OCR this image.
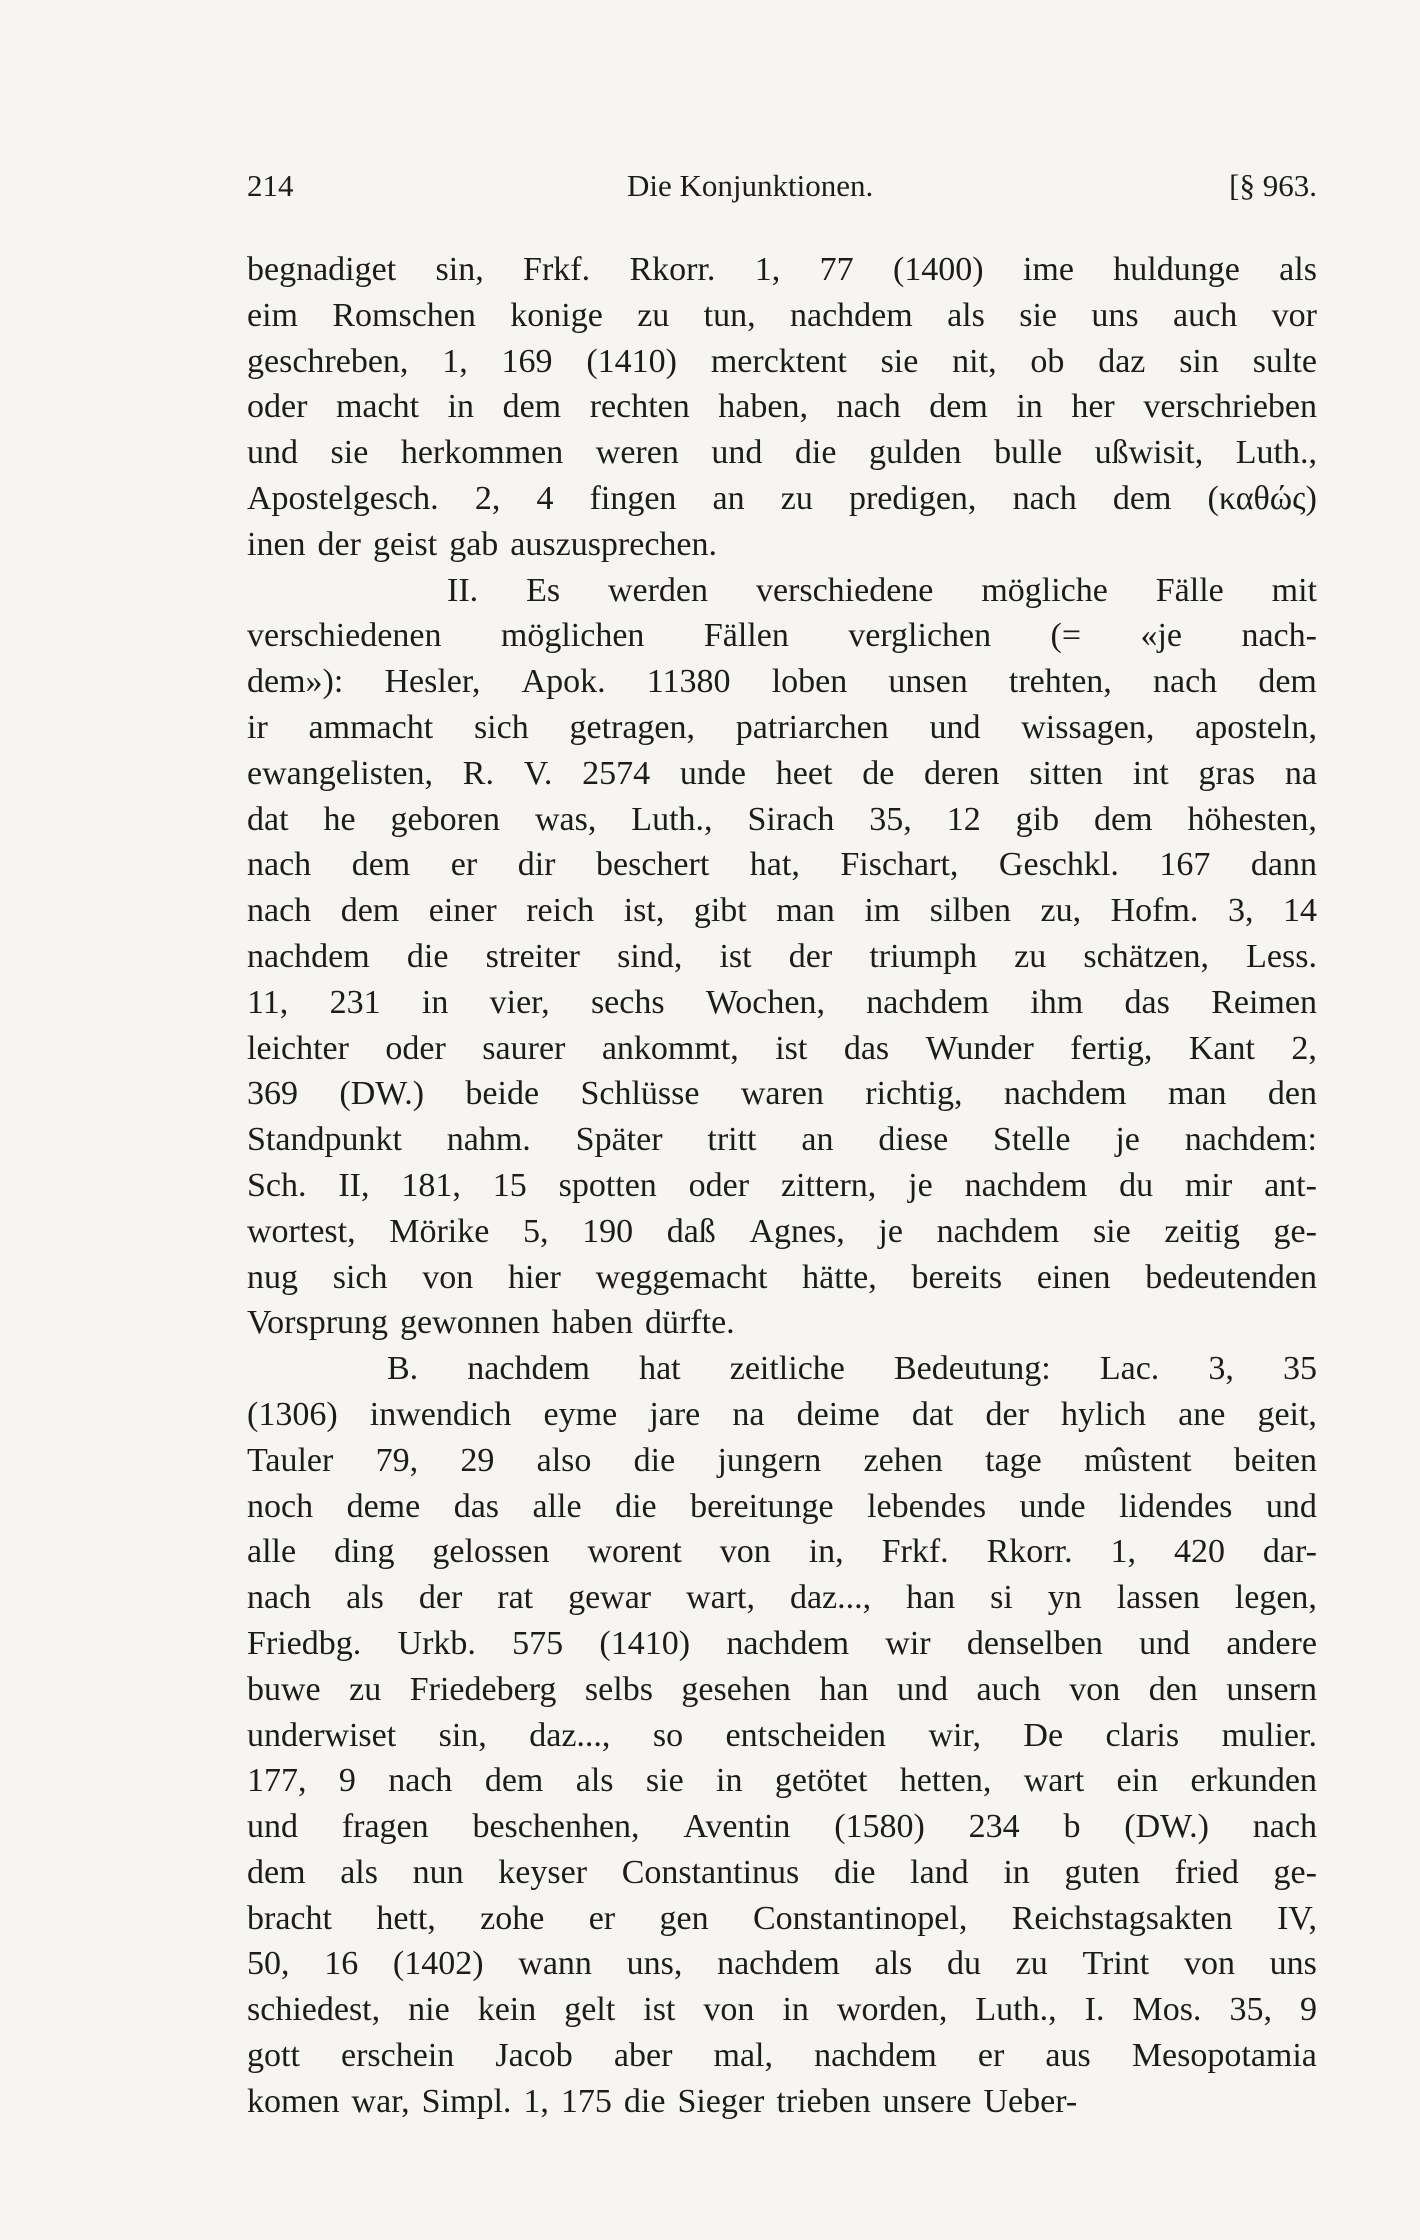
214	Die Konjunktionen.	[§ 963.
begnadiget sin, Frkf. Rkorr. 1, 77 (1400) ime huldunge als
eim Romschen konige zu tun, nachdem als sie uns auch vor
geschreben, 1, 169 (1410) mercktent sie nit, ob daz sin sulte
oder macht in dem rechten haben, nach dem in her verschrieben
und sie herkommen weren und die gulden bulle ußwisit, Luth.,
Apostelgesch. 2, 4 fingen an zu predigen, nach dem (καθώς)
inen der geist gab auszusprechen.
II. Es werden verschiedene mögliche Fälle mit
verschiedenen möglichen Fällen verglichen (= «je nach-
dem»): Hesler, Apok. 11380 loben unsen trehten, nach dem
ir ammacht sich getragen, patriarchen und wissagen, aposteln,
ewangelisten, R. V. 2574 unde heet de deren sitten int gras na
dat he geboren was, Luth., Sirach 35, 12 gib dem höhesten,
nach dem er dir beschert hat, Fischart, Geschkl. 167 dann
nach dem einer reich ist, gibt man im silben zu, Hofm. 3, 14
nachdem die streiter sind, ist der triumph zu schätzen, Less.
11, 231 in vier, sechs Wochen, nachdem ihm das Reimen
leichter oder saurer ankommt, ist das Wunder fertig, Kant 2,
369 (DW.) beide Schlüsse waren richtig, nachdem man den
Standpunkt nahm. Später tritt an diese Stelle je nachdem:
Sch. II, 181, 15 spotten oder zittern, je nachdem du mir ant-
wortest, Mörike 5, 190 daß Agnes, je nachdem sie zeitig ge-
nug sich von hier weggemacht hätte, bereits einen bedeutenden
Vorsprung gewonnen haben dürfte.
B. nachdem hat zeitliche Bedeutung: Lac. 3, 35
(1306) inwendich eyme jare na deime dat der hylich ane geit,
Tauler 79, 29 also die jungern zehen tage mûstent beiten
noch deme das alle die bereitunge lebendes unde lidendes und
alle ding gelossen worent von in, Frkf. Rkorr. 1, 420 dar-
nach als der rat gewar wart, daz..., han si yn lassen legen,
Friedbg. Urkb. 575 (1410) nachdem wir denselben und andere
buwe zu Friedeberg selbs gesehen han und auch von den unsern
underwiset sin, daz..., so entscheiden wir, De claris mulier.
177, 9 nach dem als sie in getötet hetten, wart ein erkunden
und fragen beschenhen, Aventin (1580) 234 b (DW.) nach
dem als nun keyser Constantinus die land in guten fried ge-
bracht hett, zohe er gen Constantinopel, Reichstagsakten IV,
50, 16 (1402) wann uns, nachdem als du zu Trint von uns
schiedest, nie kein gelt ist von in worden, Luth., I. Mos. 35, 9
gott erschein Jacob aber mal, nachdem er aus Mesopotamia
komen war, Simpl. 1, 175 die Sieger trieben unsere Ueber-
